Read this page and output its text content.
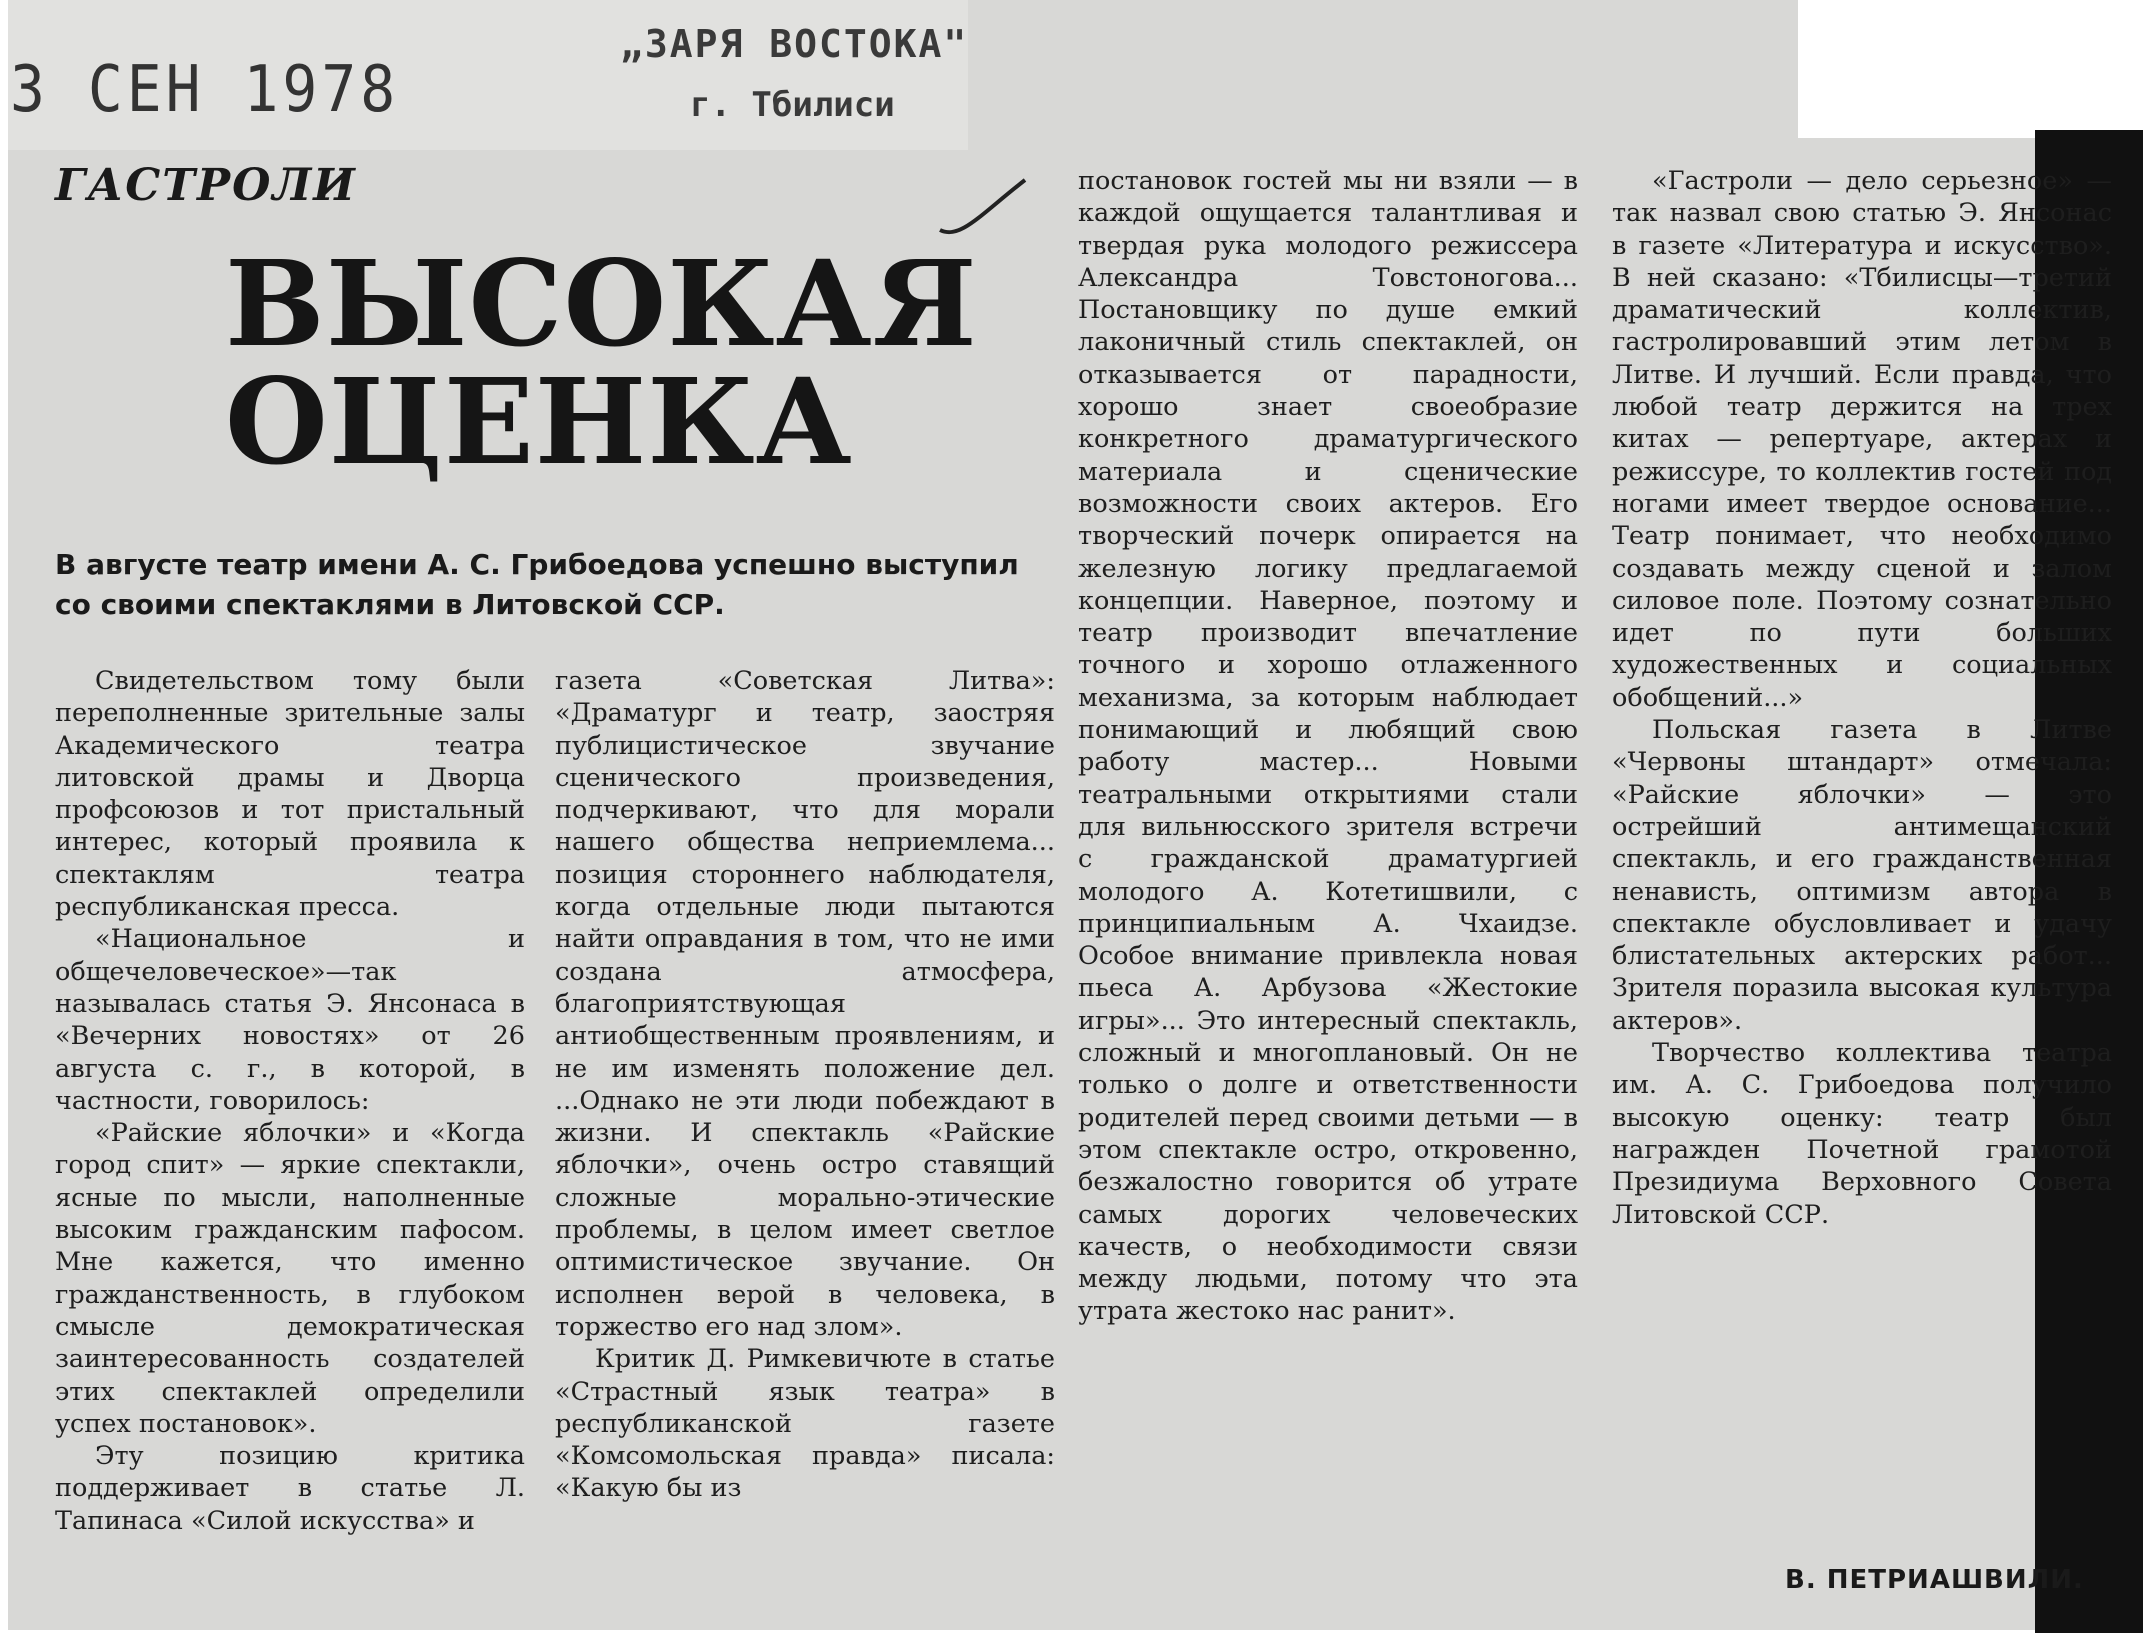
3 СЕН 1978
„ЗАРЯ ВОСТОКА"
г. Тбилиси
ГАСТРОЛИ
ВЫСОКАЯ
ОЦЕНКА
В августе театр имени А. С. Грибоедова успешно выступил со своими спектаклями в Литовской ССР.

Свидетельством тому были переполненные зрительные залы Академического театра литовской драмы и Дворца профсоюзов и тот пристальный интерес, который проявила к спектаклям театра республиканская пресса.

«Национальное и общечеловеческое»—так называлась статья Э. Янсонаса в «Вечерних новостях» от 26 августа с. г., в которой, в частности, говорилось:

«Райские яблочки» и «Когда город спит» — яркие спектакли, ясные по мысли, наполненные высоким гражданским пафосом. Мне кажется, что именно гражданственность, в глубоком смысле демократическая заинтересованность создателей этих спектаклей определили успех постановок».

Эту позицию критика поддерживает в статье Л. Тапинаса «Силой искусства» и

газета «Советская Литва»: «Драматург и театр, заостряя публицистическое звучание сценического произведения, подчеркивают, что для морали нашего общества неприемлема... позиция стороннего наблюдателя, когда отдельные люди пытаются найти оправдания в том, что не ими создана атмосфера, благоприятствующая антиобщественным проявлениям, и не им изменять положение дел. ...Однако не эти люди побеждают в жизни. И спектакль «Райские яблочки», очень остро ставящий сложные морально-этические проблемы, в целом имеет светлое оптимистическое звучание. Он исполнен верой в человека, в торжество его над злом».

Критик Д. Римкевичюте в статье «Страстный язык театра» в республиканской газете «Комсомольская правда» писала: «Какую бы из

постановок гостей мы ни взяли — в каждой ощущается талантливая и твердая рука молодого режиссера Александра Товстоногова... Постановщику по душе емкий лаконичный стиль спектаклей, он отказывается от парадности, хорошо знает своеобразие конкретного драматургического материала и сценические возможности своих актеров. Его творческий почерк опирается на железную логику предлагаемой концепции. Наверное, поэтому и театр производит впечатление точного и хорошо отлаженного механизма, за которым наблюдает понимающий и любящий свою работу мастер... Новыми театральными открытиями стали для вильнюсского зрителя встречи с гражданской драматургией молодого А. Котетишвили, с принципиальным А. Чхаидзе. Особое внимание привлекла новая пьеса А. Арбузова «Жестокие игры»... Это интересный спектакль, сложный и многоплановый. Он не только о долге и ответственности родителей перед своими детьми — в этом спектакле остро, откровенно, безжалостно говорится об утрате самых дорогих человеческих качеств, о необходимости связи между людьми, потому что эта утрата жестоко нас ранит».

«Гастроли — дело серьезное» — так назвал свою статью Э. Янсонас в газете «Литература и искусство». В ней сказано: «Тбилисцы—третий драматический коллектив, гастролировавший этим летом в Литве. И лучший. Если правда, что любой театр держится на трех китах — репертуаре, актерах и режиссуре, то коллектив гостей под ногами имеет твердое основание... Театр понимает, что необходимо создавать между сценой и залом силовое поле. Поэтому сознательно идет по пути больших художественных и социальных обобщений...»

Польская газета в Литве «Червоны штандарт» отмечала: «Райские яблочки» — это острейший антимещанский спектакль, и его гражданственная ненависть, оптимизм автора в спектакле обусловливает и удачу блистательных актерских работ... Зрителя поразила высокая культура актеров».

Творчество коллектива театра им. А. С. Грибоедова получило высокую оценку: театр был награжден Почетной грамотой Президиума Верховного Совета Литовской ССР.

В. ПЕТРИАШВИЛИ.
